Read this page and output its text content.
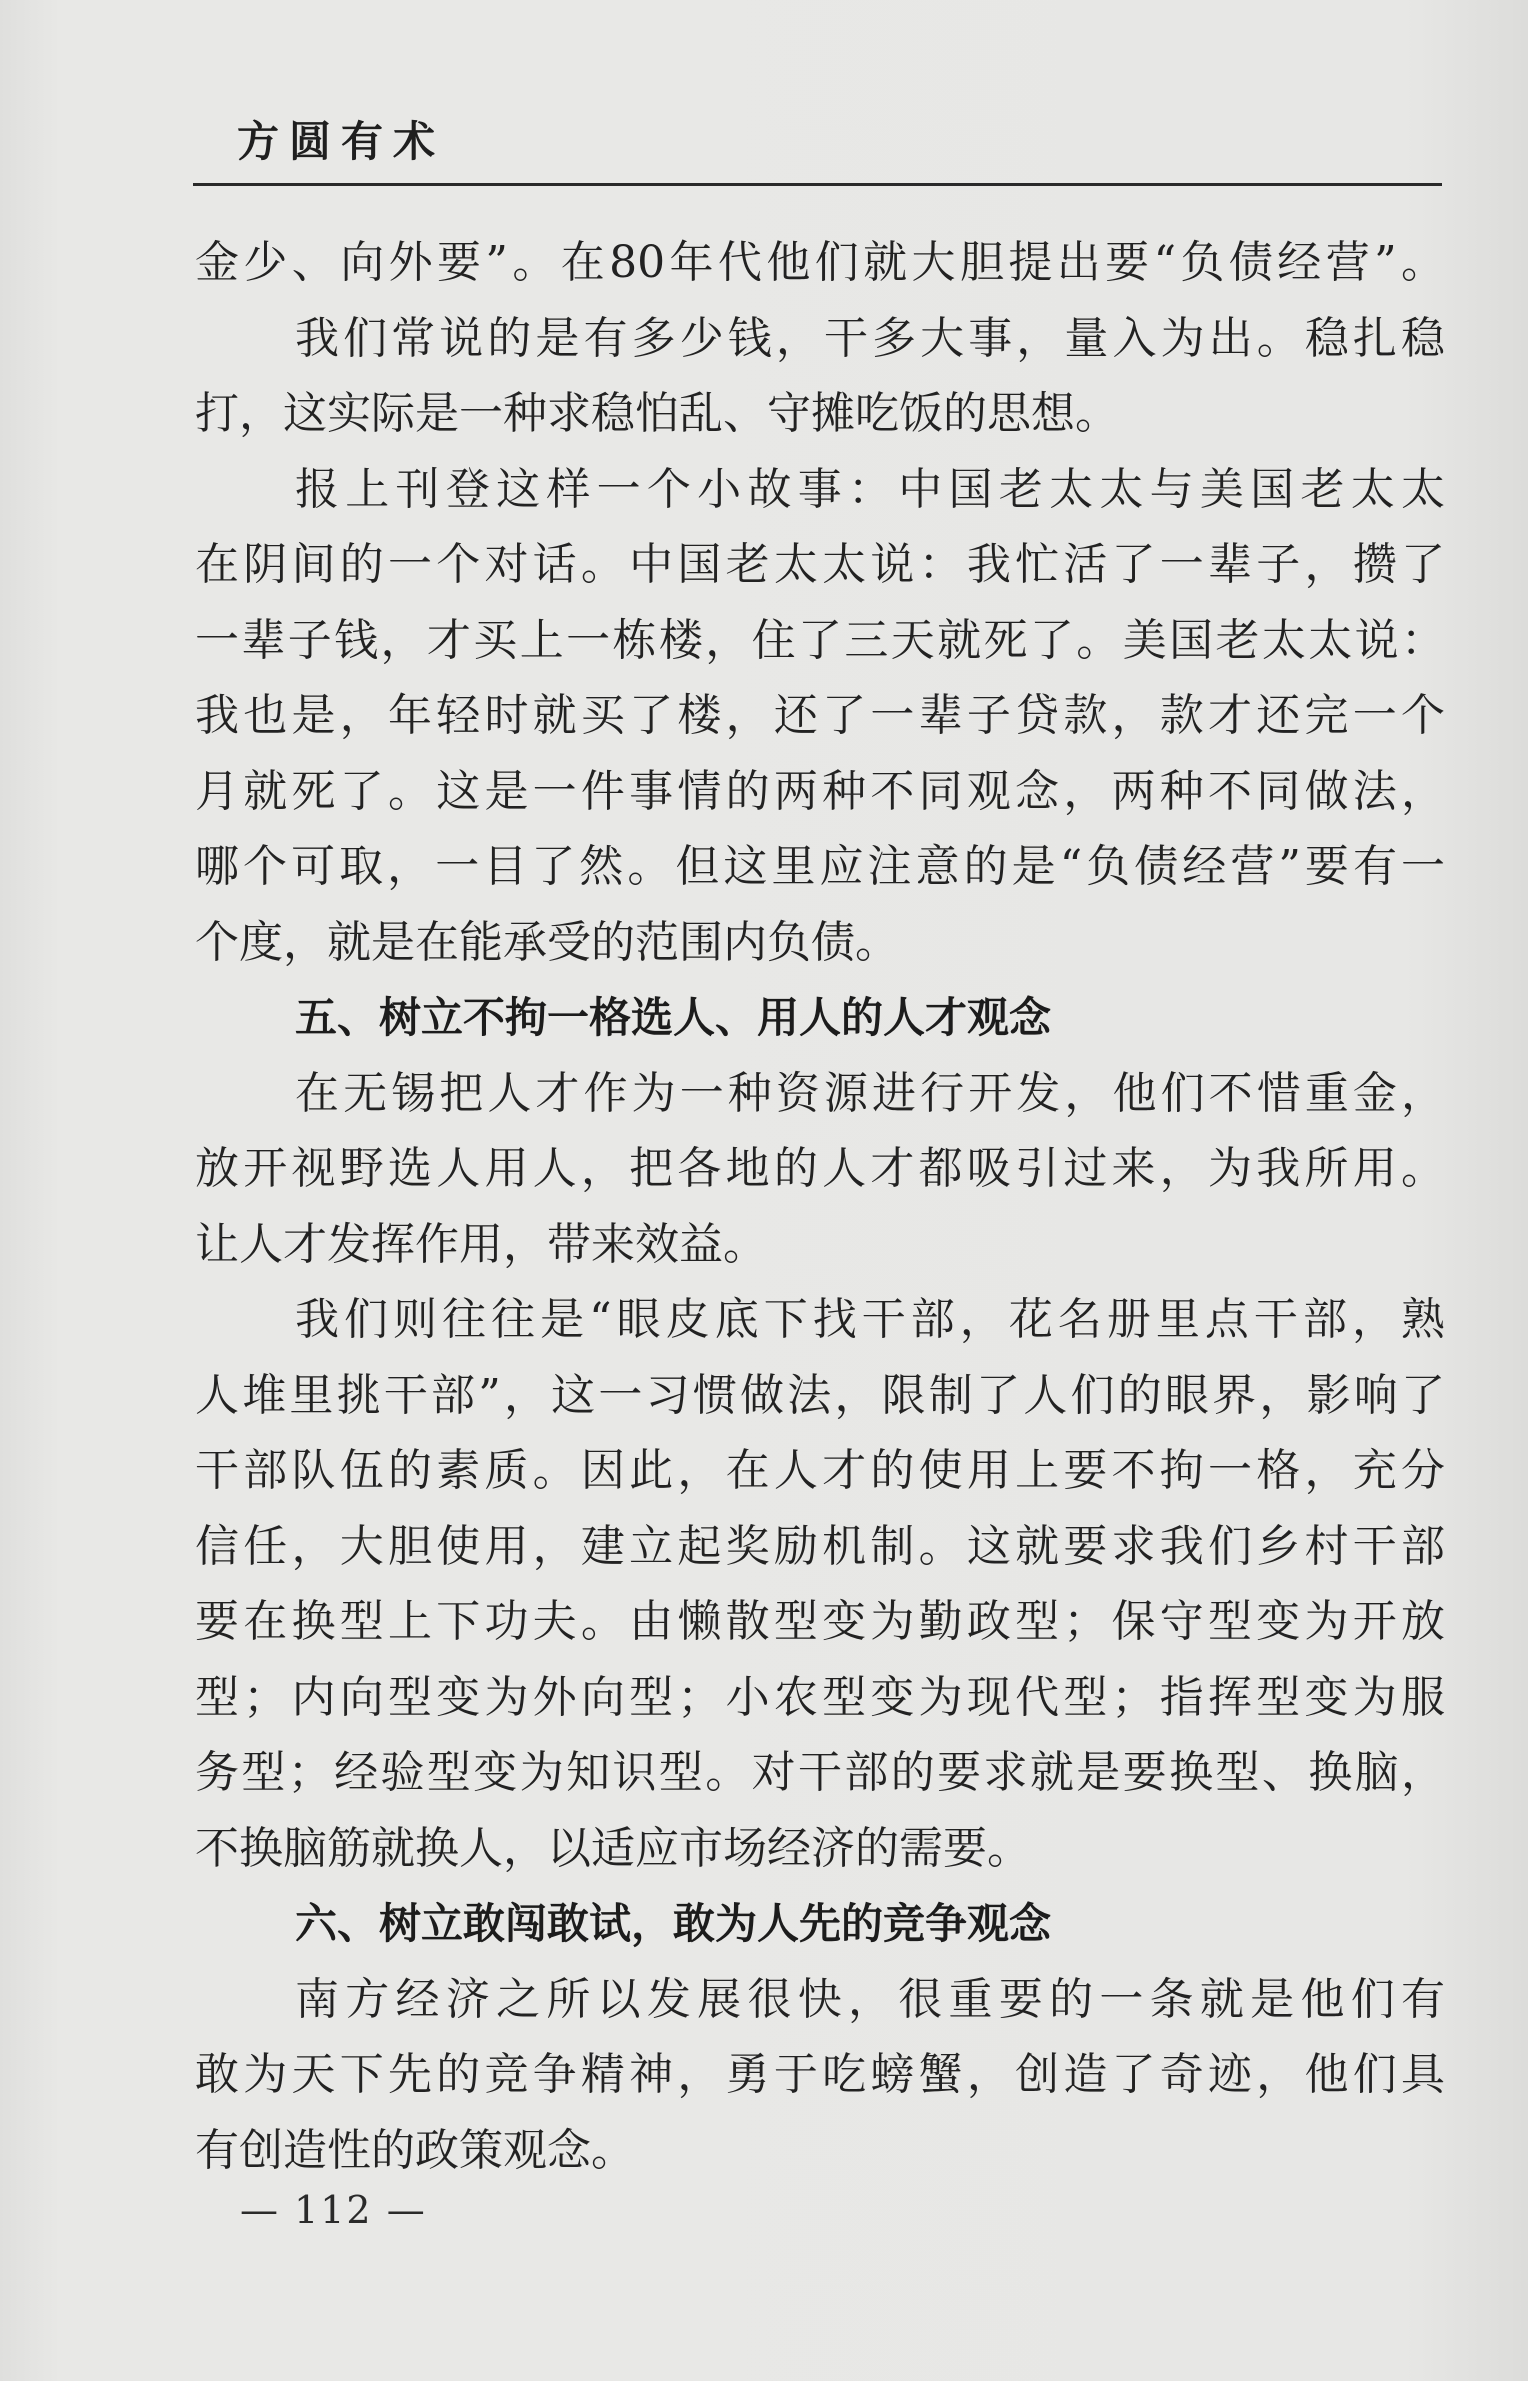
方圆有术
金少、向外要”。在80年代他们就大胆提出要“负债经营”。
我们常说的是有多少钱，干多大事，量入为出。稳扎稳
打，这实际是一种求稳怕乱、守摊吃饭的思想。
报上刊登这样一个小故事：中国老太太与美国老太太
在阴间的一个对话。中国老太太说：我忙活了一辈子，攒了
一辈子钱，才买上一栋楼，住了三天就死了。美国老太太说：
我也是，年轻时就买了楼，还了一辈子贷款，款才还完一个
月就死了。这是一件事情的两种不同观念，两种不同做法，
哪个可取，一目了然。但这里应注意的是“负债经营”要有一
个度，就是在能承受的范围内负债。
五、树立不拘一格选人、用人的人才观念
在无锡把人才作为一种资源进行开发，他们不惜重金，
放开视野选人用人，把各地的人才都吸引过来，为我所用。
让人才发挥作用，带来效益。
我们则往往是“眼皮底下找干部，花名册里点干部，熟
人堆里挑干部”，这一习惯做法，限制了人们的眼界，影响了
干部队伍的素质。因此，在人才的使用上要不拘一格，充分
信任，大胆使用，建立起奖励机制。这就要求我们乡村干部
要在换型上下功夫。由懒散型变为勤政型；保守型变为开放
型；内向型变为外向型；小农型变为现代型；指挥型变为服
务型；经验型变为知识型。对干部的要求就是要换型、换脑，
不换脑筋就换人，以适应市场经济的需要。
六、树立敢闯敢试，敢为人先的竞争观念
南方经济之所以发展很快，很重要的一条就是他们有
敢为天下先的竞争精神，勇于吃螃蟹，创造了奇迹，他们具
有创造性的政策观念。
— 112 —
